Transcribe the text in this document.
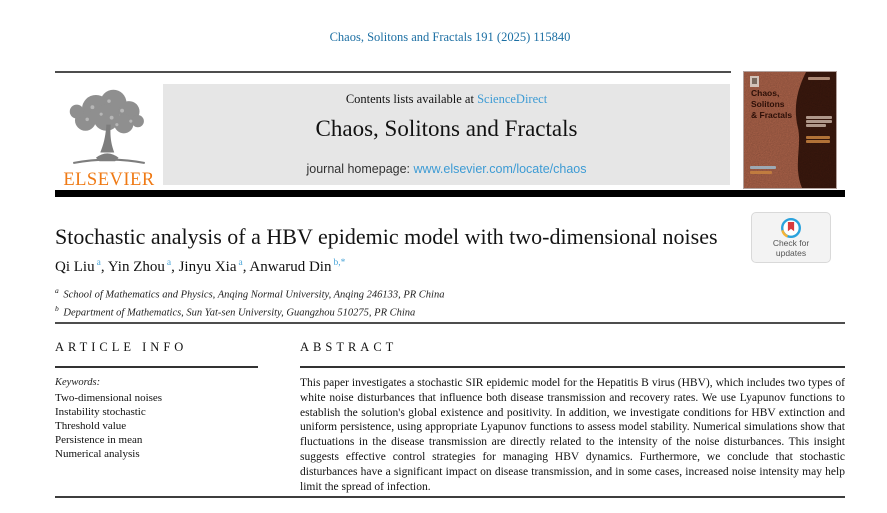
Chaos, Solitons and Fractals 191 (2025) 115840
ELSEVIER
Contents lists available at ScienceDirect
Chaos, Solitons and Fractals
journal homepage: www.elsevier.com/locate/chaos
Chaos,
Solitons
& Fractals
Stochastic analysis of a HBV epidemic model with two-dimensional noises	Check for
updates
Qi Liu $^a$, Yin Zhou $^a$, Jinyu Xia $^a$, Anwarud Din $^{b,*}$
$^a$ School of Mathematics and Physics, Anqing Normal University, Anqing 246133, PR China
$^b$ Department of Mathematics, Sun Yat-sen University, Guangzhou 510275, PR China
ARTICLE INFO	ABSTRACT
Keywords:
Two-dimensional noises
Instability stochastic
Threshold value
Persistence in mean
Numerical analysis
This paper investigates a stochastic SIR epidemic model for the Hepatitis B virus (HBV), which includes two types of white noise disturbances that influence both disease transmission and recovery rates. We use Lyapunov functions to establish the solution's global existence and positivity. In addition, we investigate conditions for HBV extinction and uniform persistence, using appropriate Lyapunov functions to assess model stability. Numerical simulations show that fluctuations in the disease transmission are directly related to the intensity of the noise disturbances. This insight suggests effective control strategies for managing HBV dynamics. Furthermore, we conclude that stochastic disturbances have a significant impact on disease transmission, and in some cases, increased noise intensity may help limit the spread of infection.
